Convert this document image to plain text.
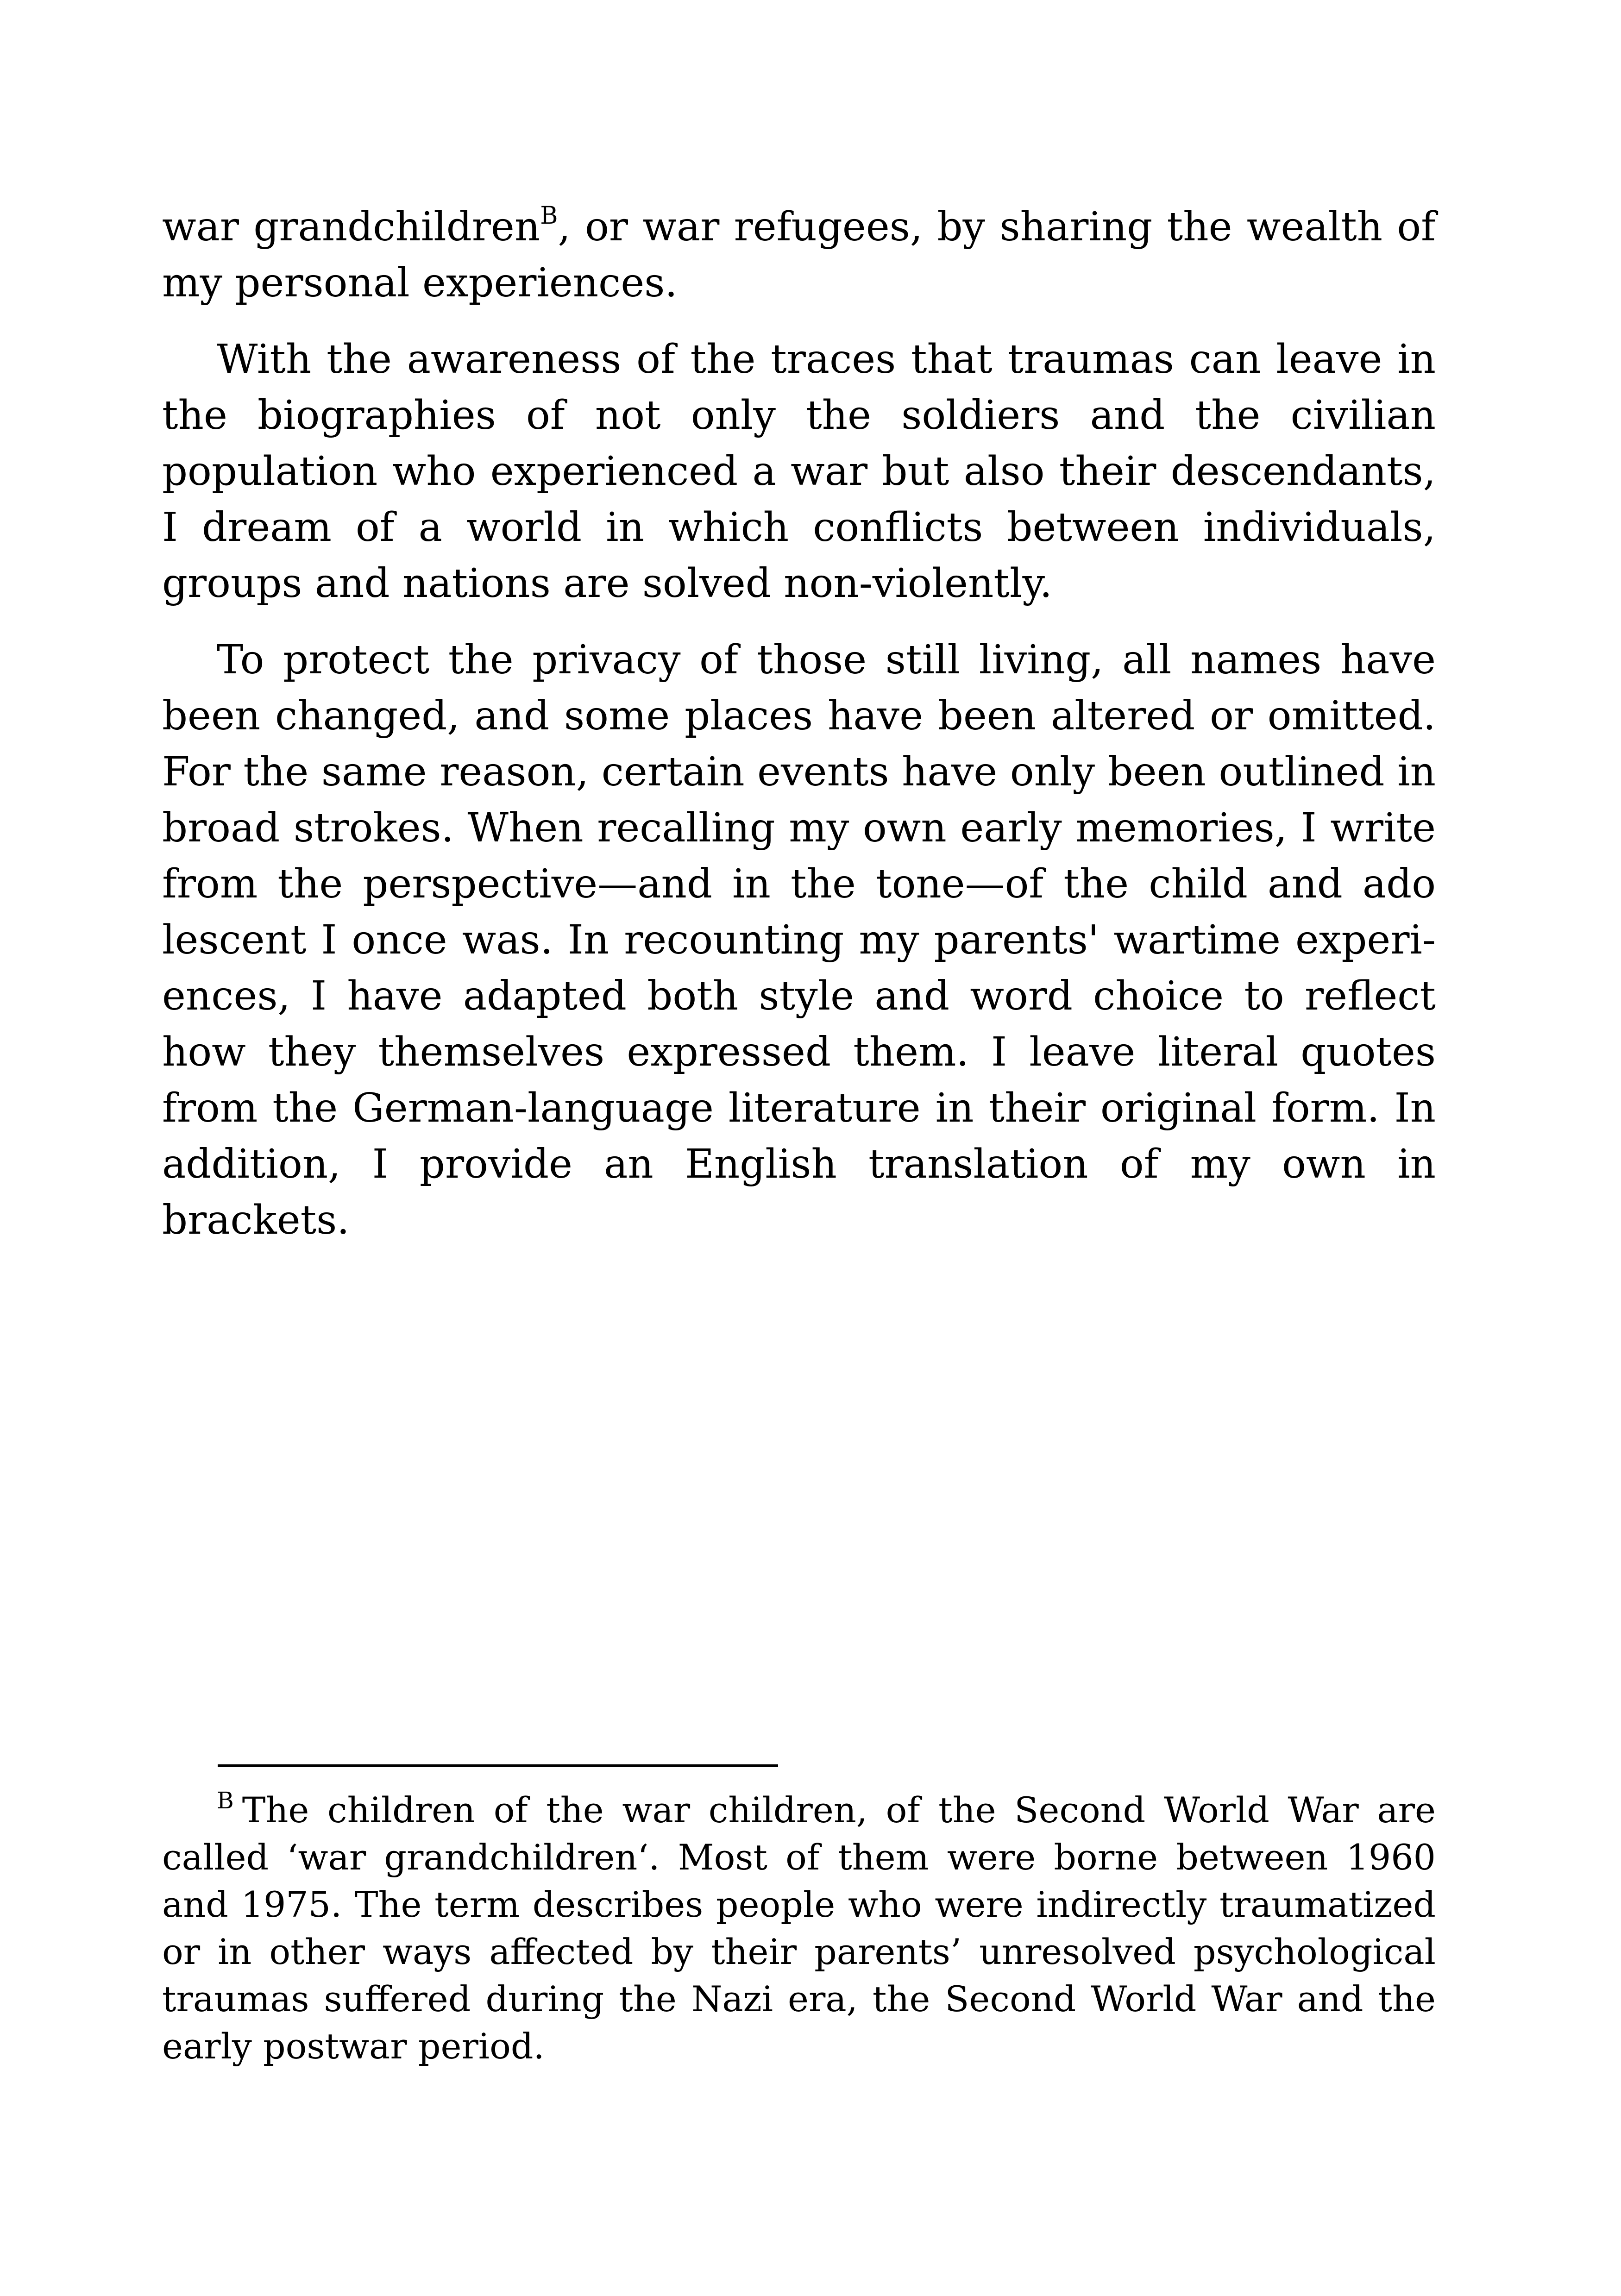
war grandchildren$^B$, or war refugees, by sharing the wealth of my personal experiences.

With the awareness of the traces that traumas can leave in the biographies of not only the soldiers and the civilian population who experienced a war but also their descendants, I dream of a world in which conflicts between individuals, groups and nations are solved non-violently.

To protect the privacy of those still living, all names have been changed, and some places have been altered or omitted. For the same reason, certain events have only been outlined in broad strokes. When recalling my own early memories, I write from the perspective—and in the tone—of the child and ado lescent I once was. In recounting my parents' wartime experiences, I have adapted both style and word choice to reflect how they themselves expressed them. I leave literal quotes from the German-language literature in their original form. In addition, I provide an English translation of my own in brackets.

$^B$ The children of the war children, of the Second World War are called ‘war grandchildren‘. Most of them were borne between 1960 and 1975. The term describes people who were indirectly traumatized or in other ways affected by their parents’ unresolved psychological traumas suffered during the Nazi era, the Second World War and the early postwar period.
